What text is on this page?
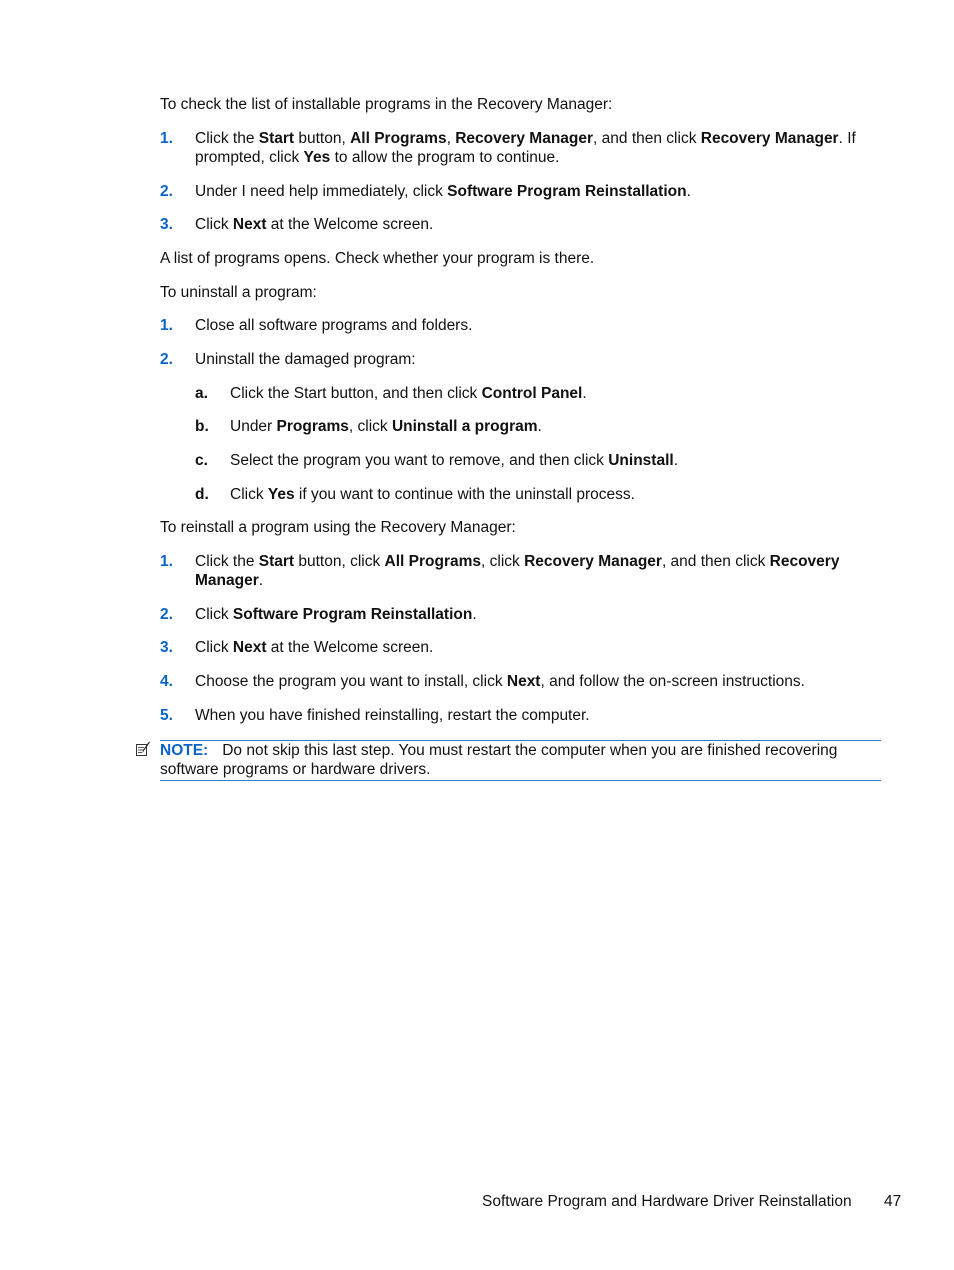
To check the list of installable programs in the Recovery Manager:
1. Click the Start button, All Programs, Recovery Manager, and then click Recovery Manager. If prompted, click Yes to allow the program to continue.
2. Under I need help immediately, click Software Program Reinstallation.
3. Click Next at the Welcome screen.
A list of programs opens. Check whether your program is there.
To uninstall a program:
1. Close all software programs and folders.
2. Uninstall the damaged program:
a. Click the Start button, and then click Control Panel.
b. Under Programs, click Uninstall a program.
c. Select the program you want to remove, and then click Uninstall.
d. Click Yes if you want to continue with the uninstall process.
To reinstall a program using the Recovery Manager:
1. Click the Start button, click All Programs, click Recovery Manager, and then click Recovery Manager.
2. Click Software Program Reinstallation.
3. Click Next at the Welcome screen.
4. Choose the program you want to install, click Next, and follow the on-screen instructions.
5. When you have finished reinstalling, restart the computer.
NOTE: Do not skip this last step. You must restart the computer when you are finished recovering software programs or hardware drivers.
Software Program and Hardware Driver Reinstallation 47
